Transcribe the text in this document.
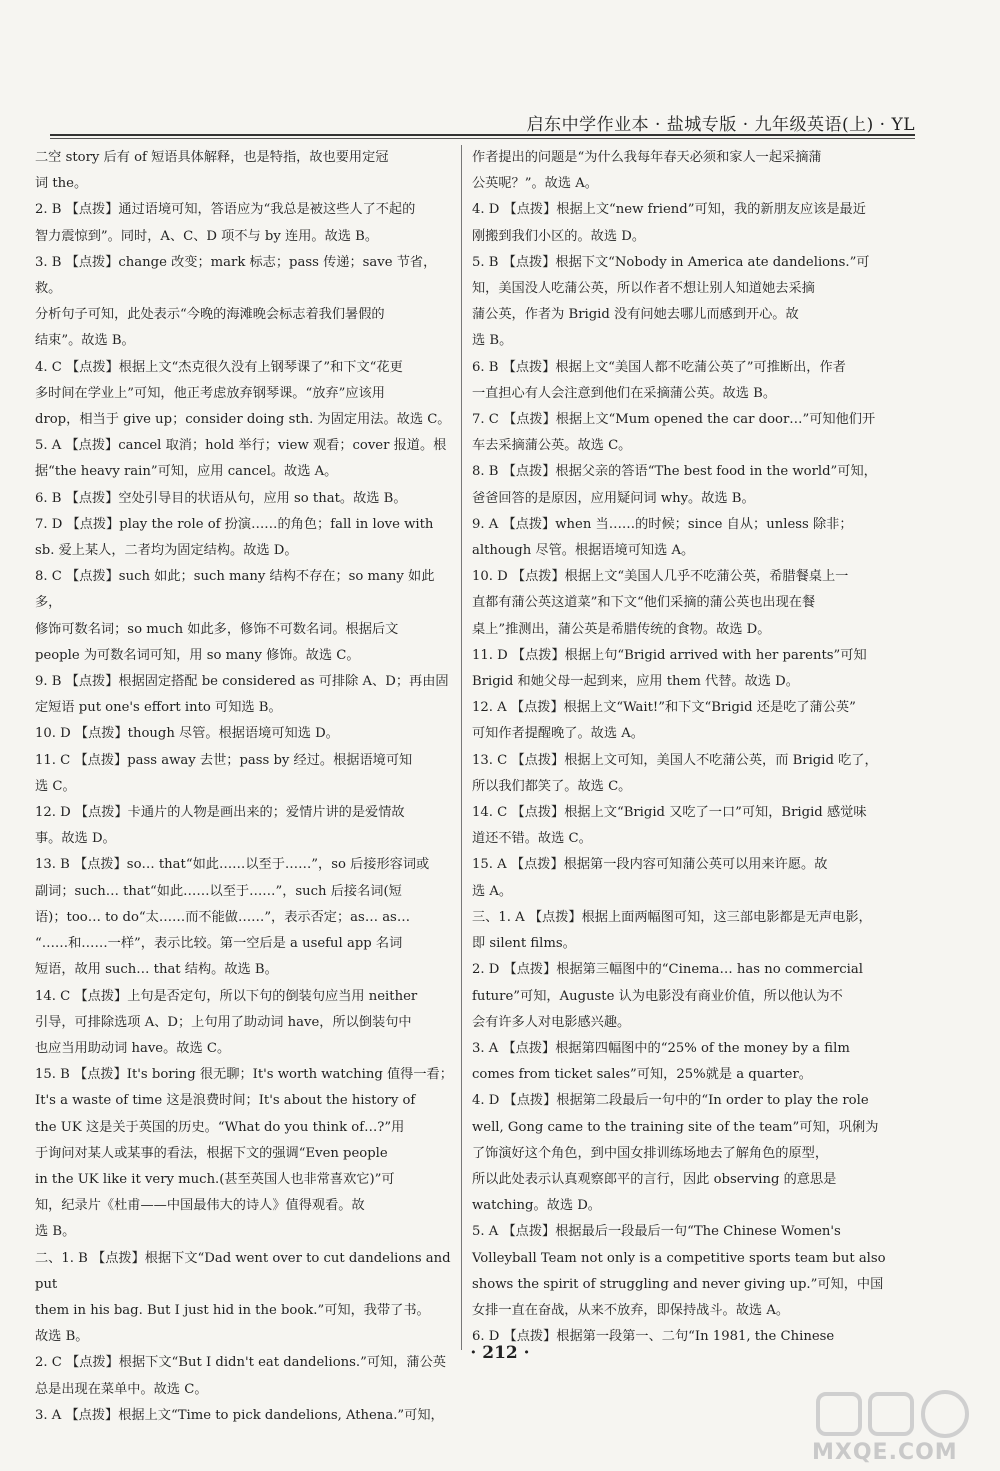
启东中学作业本 · 盐城专版 · 九年级英语(上) · YL

二空 story 后有 of 短语具体解释，也是特指，故也要用定冠

词 the。

2. B 【点拨】通过语境可知，答语应为“我总是被这些人了不起的

智力震惊到”。同时，A、C、D 项不与 by 连用。故选 B。

3. B 【点拨】change 改变；mark 标志；pass 传递；save 节省，救。

分析句子可知，此处表示“今晚的海滩晚会标志着我们暑假的

结束”。故选 B。

4. C 【点拨】根据上文“杰克很久没有上钢琴课了”和下文“花更

多时间在学业上”可知，他正考虑放弃钢琴课。“放弃”应该用

drop，相当于 give up；consider doing sth. 为固定用法。故选 C。

5. A 【点拨】cancel 取消；hold 举行；view 观看；cover 报道。根

据“the heavy rain”可知，应用 cancel。故选 A。

6. B 【点拨】空处引导目的状语从句，应用 so that。故选 B。

7. D 【点拨】play the role of 扮演……的角色；fall in love with

sb. 爱上某人，二者均为固定结构。故选 D。

8. C 【点拨】such 如此；such many 结构不存在；so many 如此多，

修饰可数名词；so much 如此多，修饰不可数名词。根据后文

people 为可数名词可知，用 so many 修饰。故选 C。

9. B 【点拨】根据固定搭配 be considered as 可排除 A、D；再由固

定短语 put one's effort into 可知选 B。

10. D 【点拨】though 尽管。根据语境可知选 D。

11. C 【点拨】pass away 去世；pass by 经过。根据语境可知

选 C。

12. D 【点拨】卡通片的人物是画出来的；爱情片讲的是爱情故

事。故选 D。

13. B 【点拨】so… that“如此……以至于……”，so 后接形容词或

副词；such… that“如此……以至于……”，such 后接名词(短

语)；too… to do“太……而不能做……”，表示否定；as… as…

“……和……一样”，表示比较。第一空后是 a useful app 名词

短语，故用 such… that 结构。故选 B。

14. C 【点拨】上句是否定句，所以下句的倒装句应当用 neither

引导，可排除选项 A、D；上句用了助动词 have，所以倒装句中

也应当用助动词 have。故选 C。

15. B 【点拨】It's boring 很无聊；It's worth watching 值得一看；

It's a waste of time 这是浪费时间；It's about the history of

the UK 这是关于英国的历史。“What do you think of…?”用

于询问对某人或某事的看法，根据下文的强调“Even people

in the UK like it very much.(甚至英国人也非常喜欢它)”可

知，纪录片《杜甫——中国最伟大的诗人》值得观看。故

选 B。

二、1. B 【点拨】根据下文“Dad went over to cut dandelions and put

them in his bag. But I just hid in the book.”可知，我带了书。

故选 B。

2. C 【点拨】根据下文“But I didn't eat dandelions.”可知，蒲公英

总是出现在菜单中。故选 C。

3. A 【点拨】根据上文“Time to pick dandelions, Athena.”可知，

作者提出的问题是“为什么我每年春天必须和家人一起采摘蒲

公英呢？”。故选 A。

4. D 【点拨】根据上文“new friend”可知，我的新朋友应该是最近

刚搬到我们小区的。故选 D。

5. B 【点拨】根据下文“Nobody in America ate dandelions.”可

知，美国没人吃蒲公英，所以作者不想让别人知道她去采摘

蒲公英，作者为 Brigid 没有问她去哪儿而感到开心。故

选 B。

6. B 【点拨】根据上文“美国人都不吃蒲公英了”可推断出，作者

一直担心有人会注意到他们在采摘蒲公英。故选 B。

7. C 【点拨】根据上文“Mum opened the car door…”可知他们开

车去采摘蒲公英。故选 C。

8. B 【点拨】根据父亲的答语“The best food in the world”可知，

爸爸回答的是原因，应用疑问词 why。故选 B。

9. A 【点拨】when 当……的时候；since 自从；unless 除非；

although 尽管。根据语境可知选 A。

10. D 【点拨】根据上文“美国人几乎不吃蒲公英，希腊餐桌上一

直都有蒲公英这道菜”和下文“他们采摘的蒲公英也出现在餐

桌上”推测出，蒲公英是希腊传统的食物。故选 D。

11. D 【点拨】根据上句“Brigid arrived with her parents”可知

Brigid 和她父母一起到来，应用 them 代替。故选 D。

12. A 【点拨】根据上文“Wait!”和下文“Brigid 还是吃了蒲公英”

可知作者提醒晚了。故选 A。

13. C 【点拨】根据上文可知，美国人不吃蒲公英，而 Brigid 吃了，

所以我们都笑了。故选 C。

14. C 【点拨】根据上文“Brigid 又吃了一口”可知，Brigid 感觉味

道还不错。故选 C。

15. A 【点拨】根据第一段内容可知蒲公英可以用来许愿。故

选 A。

三、1. A 【点拨】根据上面两幅图可知，这三部电影都是无声电影，

即 silent films。

2. D 【点拨】根据第三幅图中的“Cinema… has no commercial

future”可知，Auguste 认为电影没有商业价值，所以他认为不

会有许多人对电影感兴趣。

3. A 【点拨】根据第四幅图中的“25% of the money by a film

comes from ticket sales”可知，25%就是 a quarter。

4. D 【点拨】根据第二段最后一句中的“In order to play the role

well, Gong came to the training site of the team”可知，巩俐为

了饰演好这个角色，到中国女排训练场地去了解角色的原型，

所以此处表示认真观察郎平的言行，因此 observing 的意思是

watching。故选 D。

5. A 【点拨】根据最后一段最后一句“The Chinese Women's

Volleyball Team not only is a competitive sports team but also

shows the spirit of struggling and never giving up.”可知，中国

女排一直在奋战，从来不放弃，即保持战斗。故选 A。

6. D 【点拨】根据第一段第一、二句“In 1981, the Chinese

· 212 ·
MXQE.COM
